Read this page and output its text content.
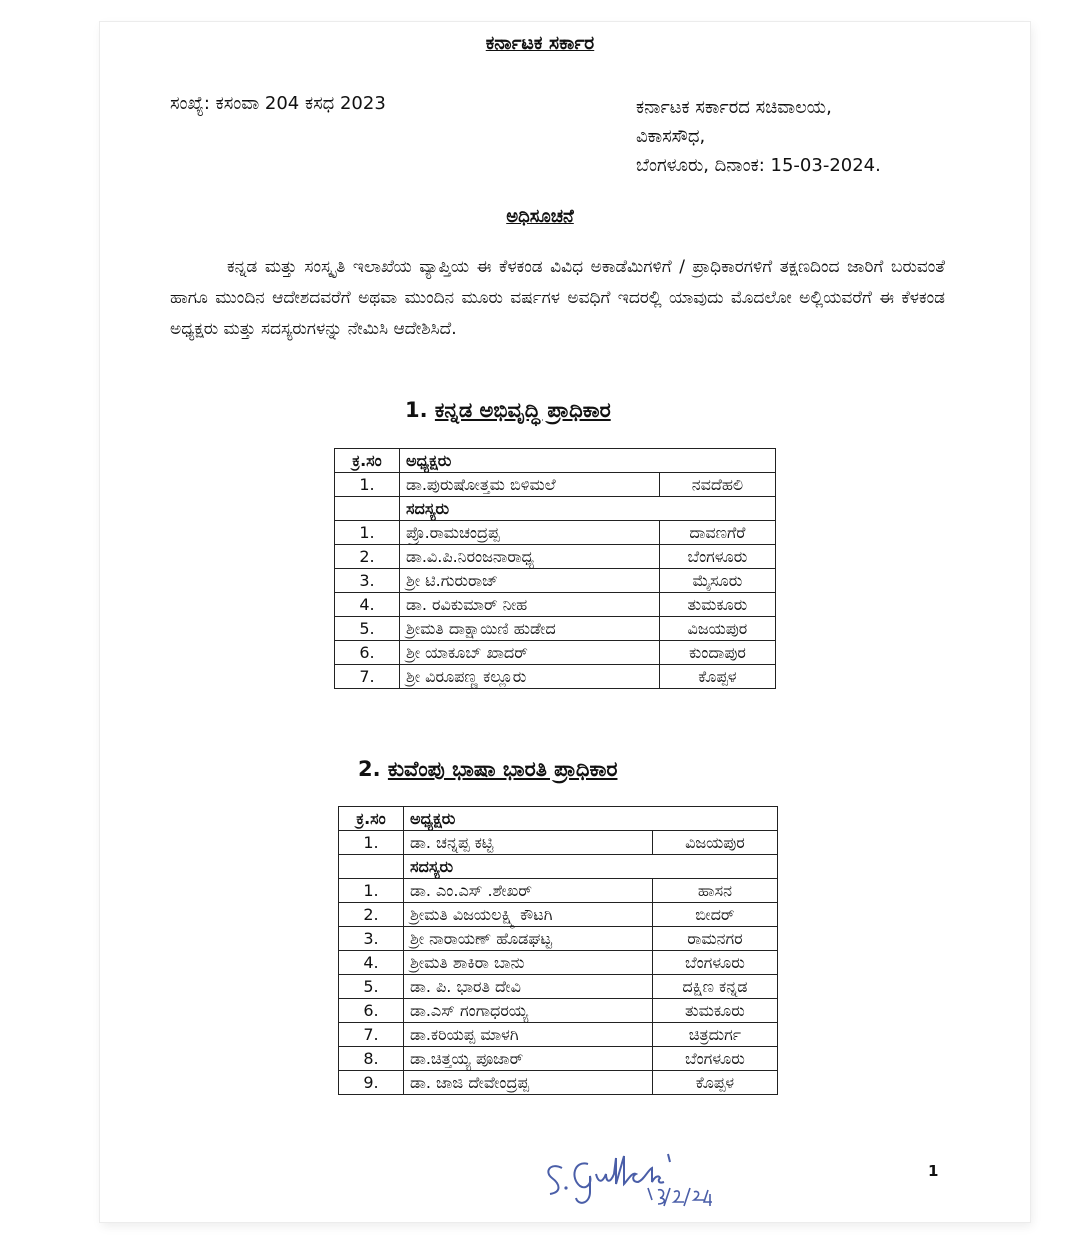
ಕರ್ನಾಟಕ ಸರ್ಕಾರ
ಸಂಖ್ಯೆ: ಕಸಂವಾ 204 ಕಸಧ 2023	ಕರ್ನಾಟಕ ಸರ್ಕಾರದ ಸಚಿವಾಲಯ,
ವಿಕಾಸಸೌಧ,
ಬೆಂಗಳೂರು, ದಿನಾಂಕ: 15-03-2024.
ಅಧಿಸೂಚನೆ
ಕನ್ನಡ ಮತ್ತು ಸಂಸ್ಕೃತಿ ಇಲಾಖೆಯ ವ್ಯಾಪ್ತಿಯ ಈ ಕೆಳಕಂಡ ವಿವಿಧ ಅಕಾಡೆಮಿಗಳಿಗೆ / ಪ್ರಾಧಿಕಾರಗಳಿಗೆ ತಕ್ಷಣದಿಂದ ಜಾರಿಗೆ ಬರುವಂತೆ ಹಾಗೂ ಮುಂದಿನ ಆದೇಶದವರೆಗೆ ಅಥವಾ ಮುಂದಿನ ಮೂರು ವರ್ಷಗಳ ಅವಧಿಗೆ ಇದರಲ್ಲಿ ಯಾವುದು ಮೊದಲೋ ಅಲ್ಲಿಯವರೆಗೆ ಈ ಕೆಳಕಂಡ ಅಧ್ಯಕ್ಷರು ಮತ್ತು ಸದಸ್ಯರುಗಳನ್ನು ನೇಮಿಸಿ ಆದೇಶಿಸಿದೆ.
1. ಕನ್ನಡ ಅಭಿವೃದ್ಧಿ ಪ್ರಾಧಿಕಾರ
ಕ್ರ.ಸಂ	ಅಧ್ಯಕ್ಷರು	
1.	ಡಾ.ಪುರುಷೋತ್ತಮ ಬಿಳಿಮಲೆ	ನವದೆಹಲಿ
	ಸದಸ್ಯರು	
1.	ಪ್ರೊ.ರಾಮಚಂದ್ರಪ್ಪ	ದಾವಣಗೆರೆ
2.	ಡಾ.ವಿ.ಪಿ.ನಿರಂಜನಾರಾಧ್ಯ	ಬೆಂಗಳೂರು
3.	ಶ್ರೀ ಟಿ.ಗುರುರಾಜ್	ಮೈಸೂರು
4.	ಡಾ. ರವಿಕುಮಾರ್ ನೀಹ	ತುಮಕೂರು
5.	ಶ್ರೀಮತಿ ದಾಕ್ಷಾಯಿಣಿ ಹುಡೇದ	ವಿಜಯಪುರ
6.	ಶ್ರೀ ಯಾಕೂಬ್ ಖಾದರ್	ಕುಂದಾಪುರ
7.	ಶ್ರೀ ವಿರೂಪಣ್ಣ ಕಲ್ಲೂರು	ಕೊಪ್ಪಳ
2. ಕುವೆಂಪು ಭಾಷಾ ಭಾರತಿ ಪ್ರಾಧಿಕಾರ
ಕ್ರ.ಸಂ	ಅಧ್ಯಕ್ಷರು	
1.	ಡಾ. ಚನ್ನಪ್ಪ ಕಟ್ಟಿ	ವಿಜಯಪುರ
	ಸದಸ್ಯರು	
1.	ಡಾ. ಎಂ.ಎಸ್ .ಶೇಖರ್	ಹಾಸನ
2.	ಶ್ರೀಮತಿ ವಿಜಯಲಕ್ಷ್ಮಿ ಕೌಟಗಿ	ಬೀದರ್
3.	ಶ್ರೀ ನಾರಾಯಣ್ ಹೊಡಘಟ್ಟ	ರಾಮನಗರ
4.	ಶ್ರೀಮತಿ ಶಾಕಿರಾ ಬಾನು	ಬೆಂಗಳೂರು
5.	ಡಾ. ಪಿ. ಭಾರತಿ ದೇವಿ	ದಕ್ಷಿಣ ಕನ್ನಡ
6.	ಡಾ.ಎಸ್ ಗಂಗಾಧರಯ್ಯ	ತುಮಕೂರು
7.	ಡಾ.ಕರಿಯಪ್ಪ ಮಾಳಗಿ	ಚಿತ್ರದುರ್ಗ
8.	ಡಾ.ಚಿತ್ತಯ್ಯ ಪೂಜಾರ್	ಬೆಂಗಳೂರು
9.	ಡಾ. ಜಾಜಿ ದೇವೇಂದ್ರಪ್ಪ	ಕೊಪ್ಪಳ
1
